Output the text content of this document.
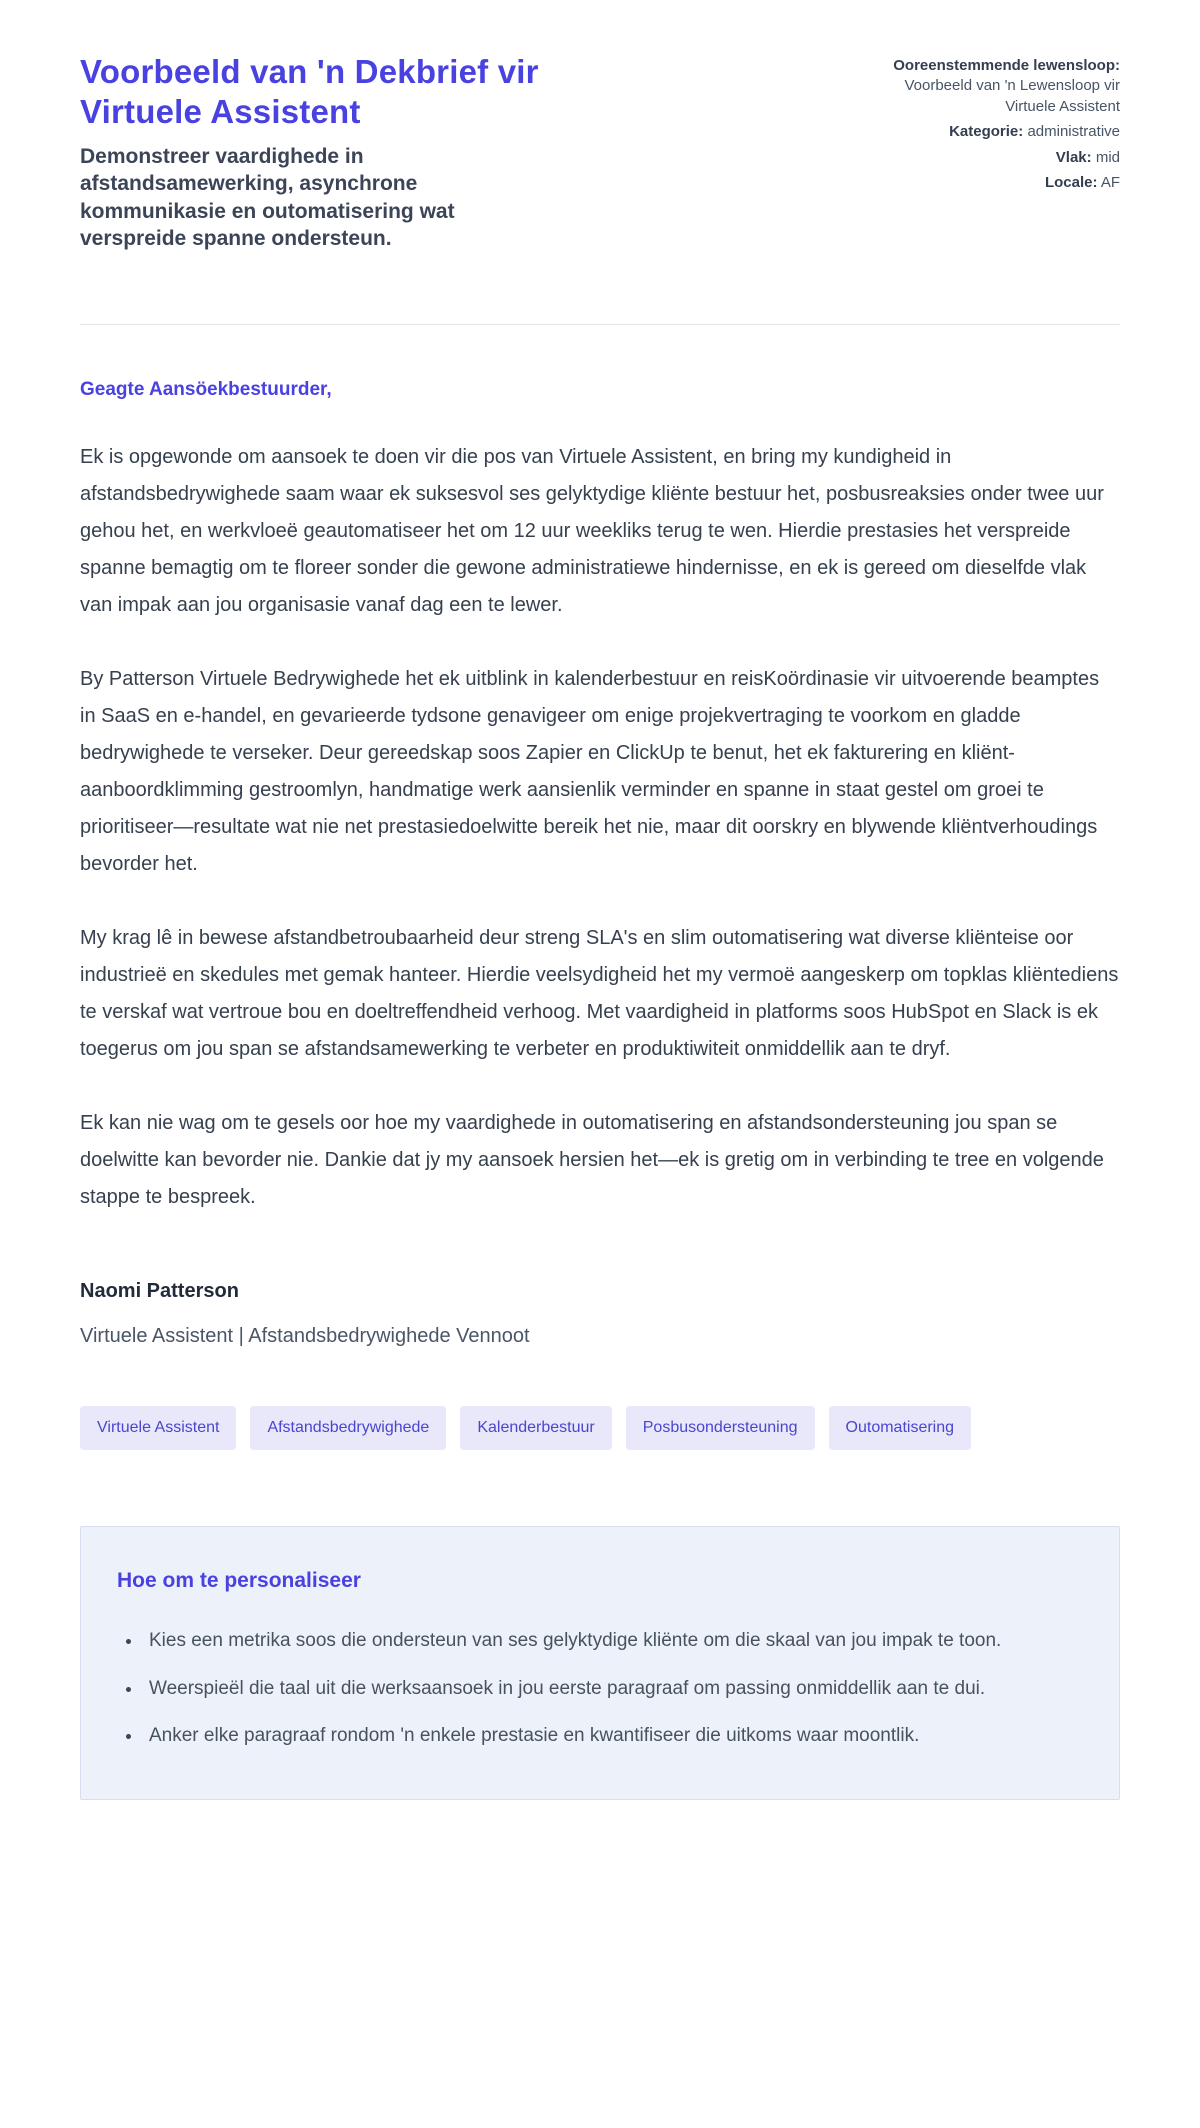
Voorbeeld van 'n Dekbrief vir Virtuele Assistent

Demonstreer vaardighede in afstandsamewerking, asynchrone kommunikasie en outomatisering wat verspreide spanne ondersteun.

Ooreenstemmende lewensloop: Voorbeeld van 'n Lewensloop vir Virtuele Assistent

Kategorie: administrative

Vlak: mid

Locale: AF

Geagte Aansöekbestuurder,

Ek is opgewonde om aansoek te doen vir die pos van Virtuele Assistent, en bring my kundigheid in afstandsbedrywighede saam waar ek suksesvol ses gelyktydige kliënte bestuur het, posbusreaksies onder twee uur gehou het, en werkvloeë geautomatiseer het om 12 uur weekliks terug te wen. Hierdie prestasies het verspreide spanne bemagtig om te floreer sonder die gewone administratiewe hindernisse, en ek is gereed om dieselfde vlak van impak aan jou organisasie vanaf dag een te lewer.

By Patterson Virtuele Bedrywighede het ek uitblink in kalenderbestuur en reisKoördinasie vir uitvoerende beamptes in SaaS en e-handel, en gevarieerde tydsone genavigeer om enige projekvertraging te voorkom en gladde bedrywighede te verseker. Deur gereedskap soos Zapier en ClickUp te benut, het ek fakturering en kliënt-aanboordklimming gestroomlyn, handmatige werk aansienlik verminder en spanne in staat gestel om groei te prioritiseer—resultate wat nie net prestasiedoelwitte bereik het nie, maar dit oorskry en blywende kliëntverhoudings bevorder het.

My krag lê in bewese afstandbetroubaarheid deur streng SLA's en slim outomatisering wat diverse kliënteise oor industrieë en skedules met gemak hanteer. Hierdie veelsydigheid het my vermoë aangeskerp om topklas kliëntediens te verskaf wat vertroue bou en doeltreffendheid verhoog. Met vaardigheid in platforms soos HubSpot en Slack is ek toegerus om jou span se afstandsamewerking te verbeter en produktiwiteit onmiddellik aan te dryf.

Ek kan nie wag om te gesels oor hoe my vaardighede in outomatisering en afstandsondersteuning jou span se doelwitte kan bevorder nie. Dankie dat jy my aansoek hersien het—ek is gretig om in verbinding te tree en volgende stappe te bespreek.

Naomi Patterson

Virtuele Assistent | Afstandsbedrywighede Vennoot

Virtuele Assistent	Afstandsbedrywighede	Kalenderbestuur	Posbusondersteuning	Outomatisering
Hoe om te personaliseer
• Kies een metrika soos die ondersteun van ses gelyktydige kliënte om die skaal van jou impak te toon.
• Weerspieël die taal uit die werksaansoek in jou eerste paragraaf om passing onmiddellik aan te dui.
• Anker elke paragraaf rondom 'n enkele prestasie en kwantifiseer die uitkoms waar moontlik.
